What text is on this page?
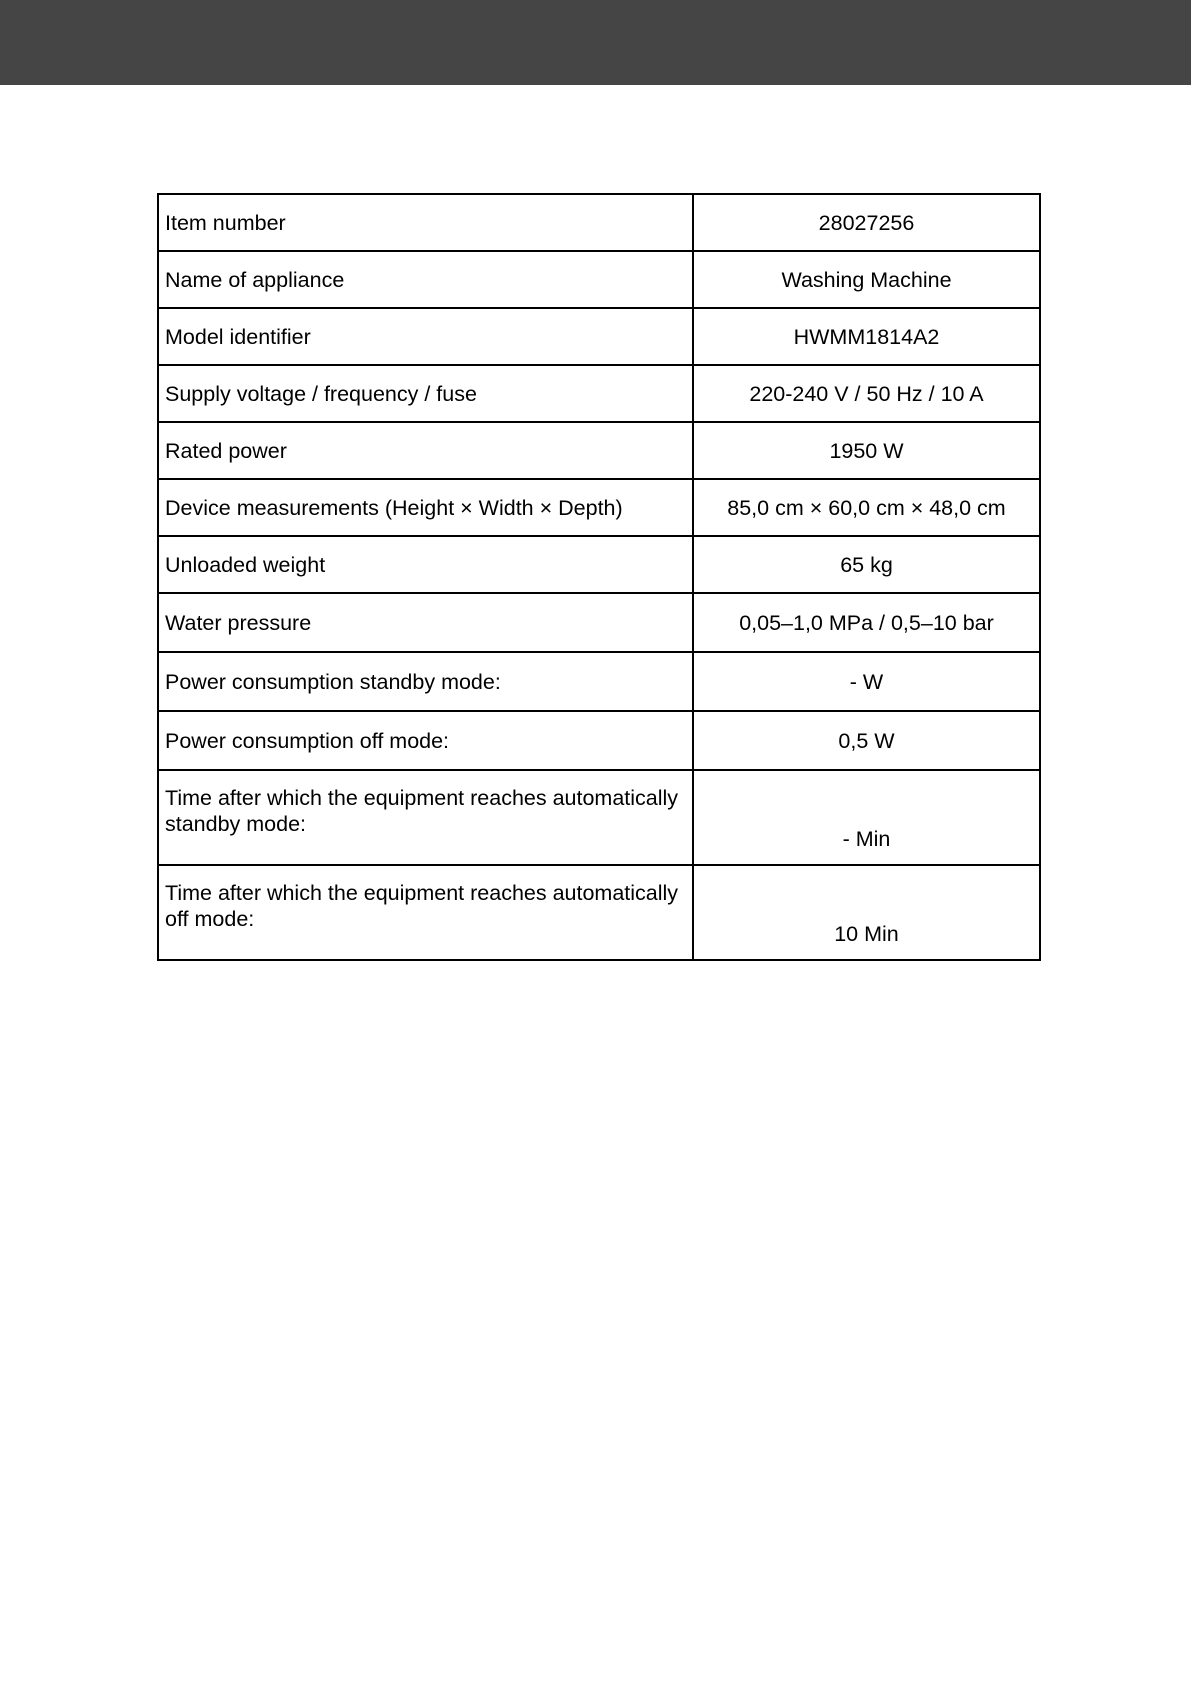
Item number	28027256
Name of appliance	Washing Machine
Model identifier	HWMM1814A2
Supply voltage / frequency / fuse	220-240 V / 50 Hz / 10 A
Rated power	1950 W
Device measurements (Height × Width × Depth)	85,0 cm × 60,0 cm × 48,0 cm
Unloaded weight	65 kg
Water pressure	0,05–1,0 MPa / 0,5–10 bar
Power consumption standby mode:	- W
Power consumption off mode:	0,5 W
Time after which the equipment reaches automatically standby mode:	- Min
Time after which the equipment reaches automatically off mode:	10 Min
